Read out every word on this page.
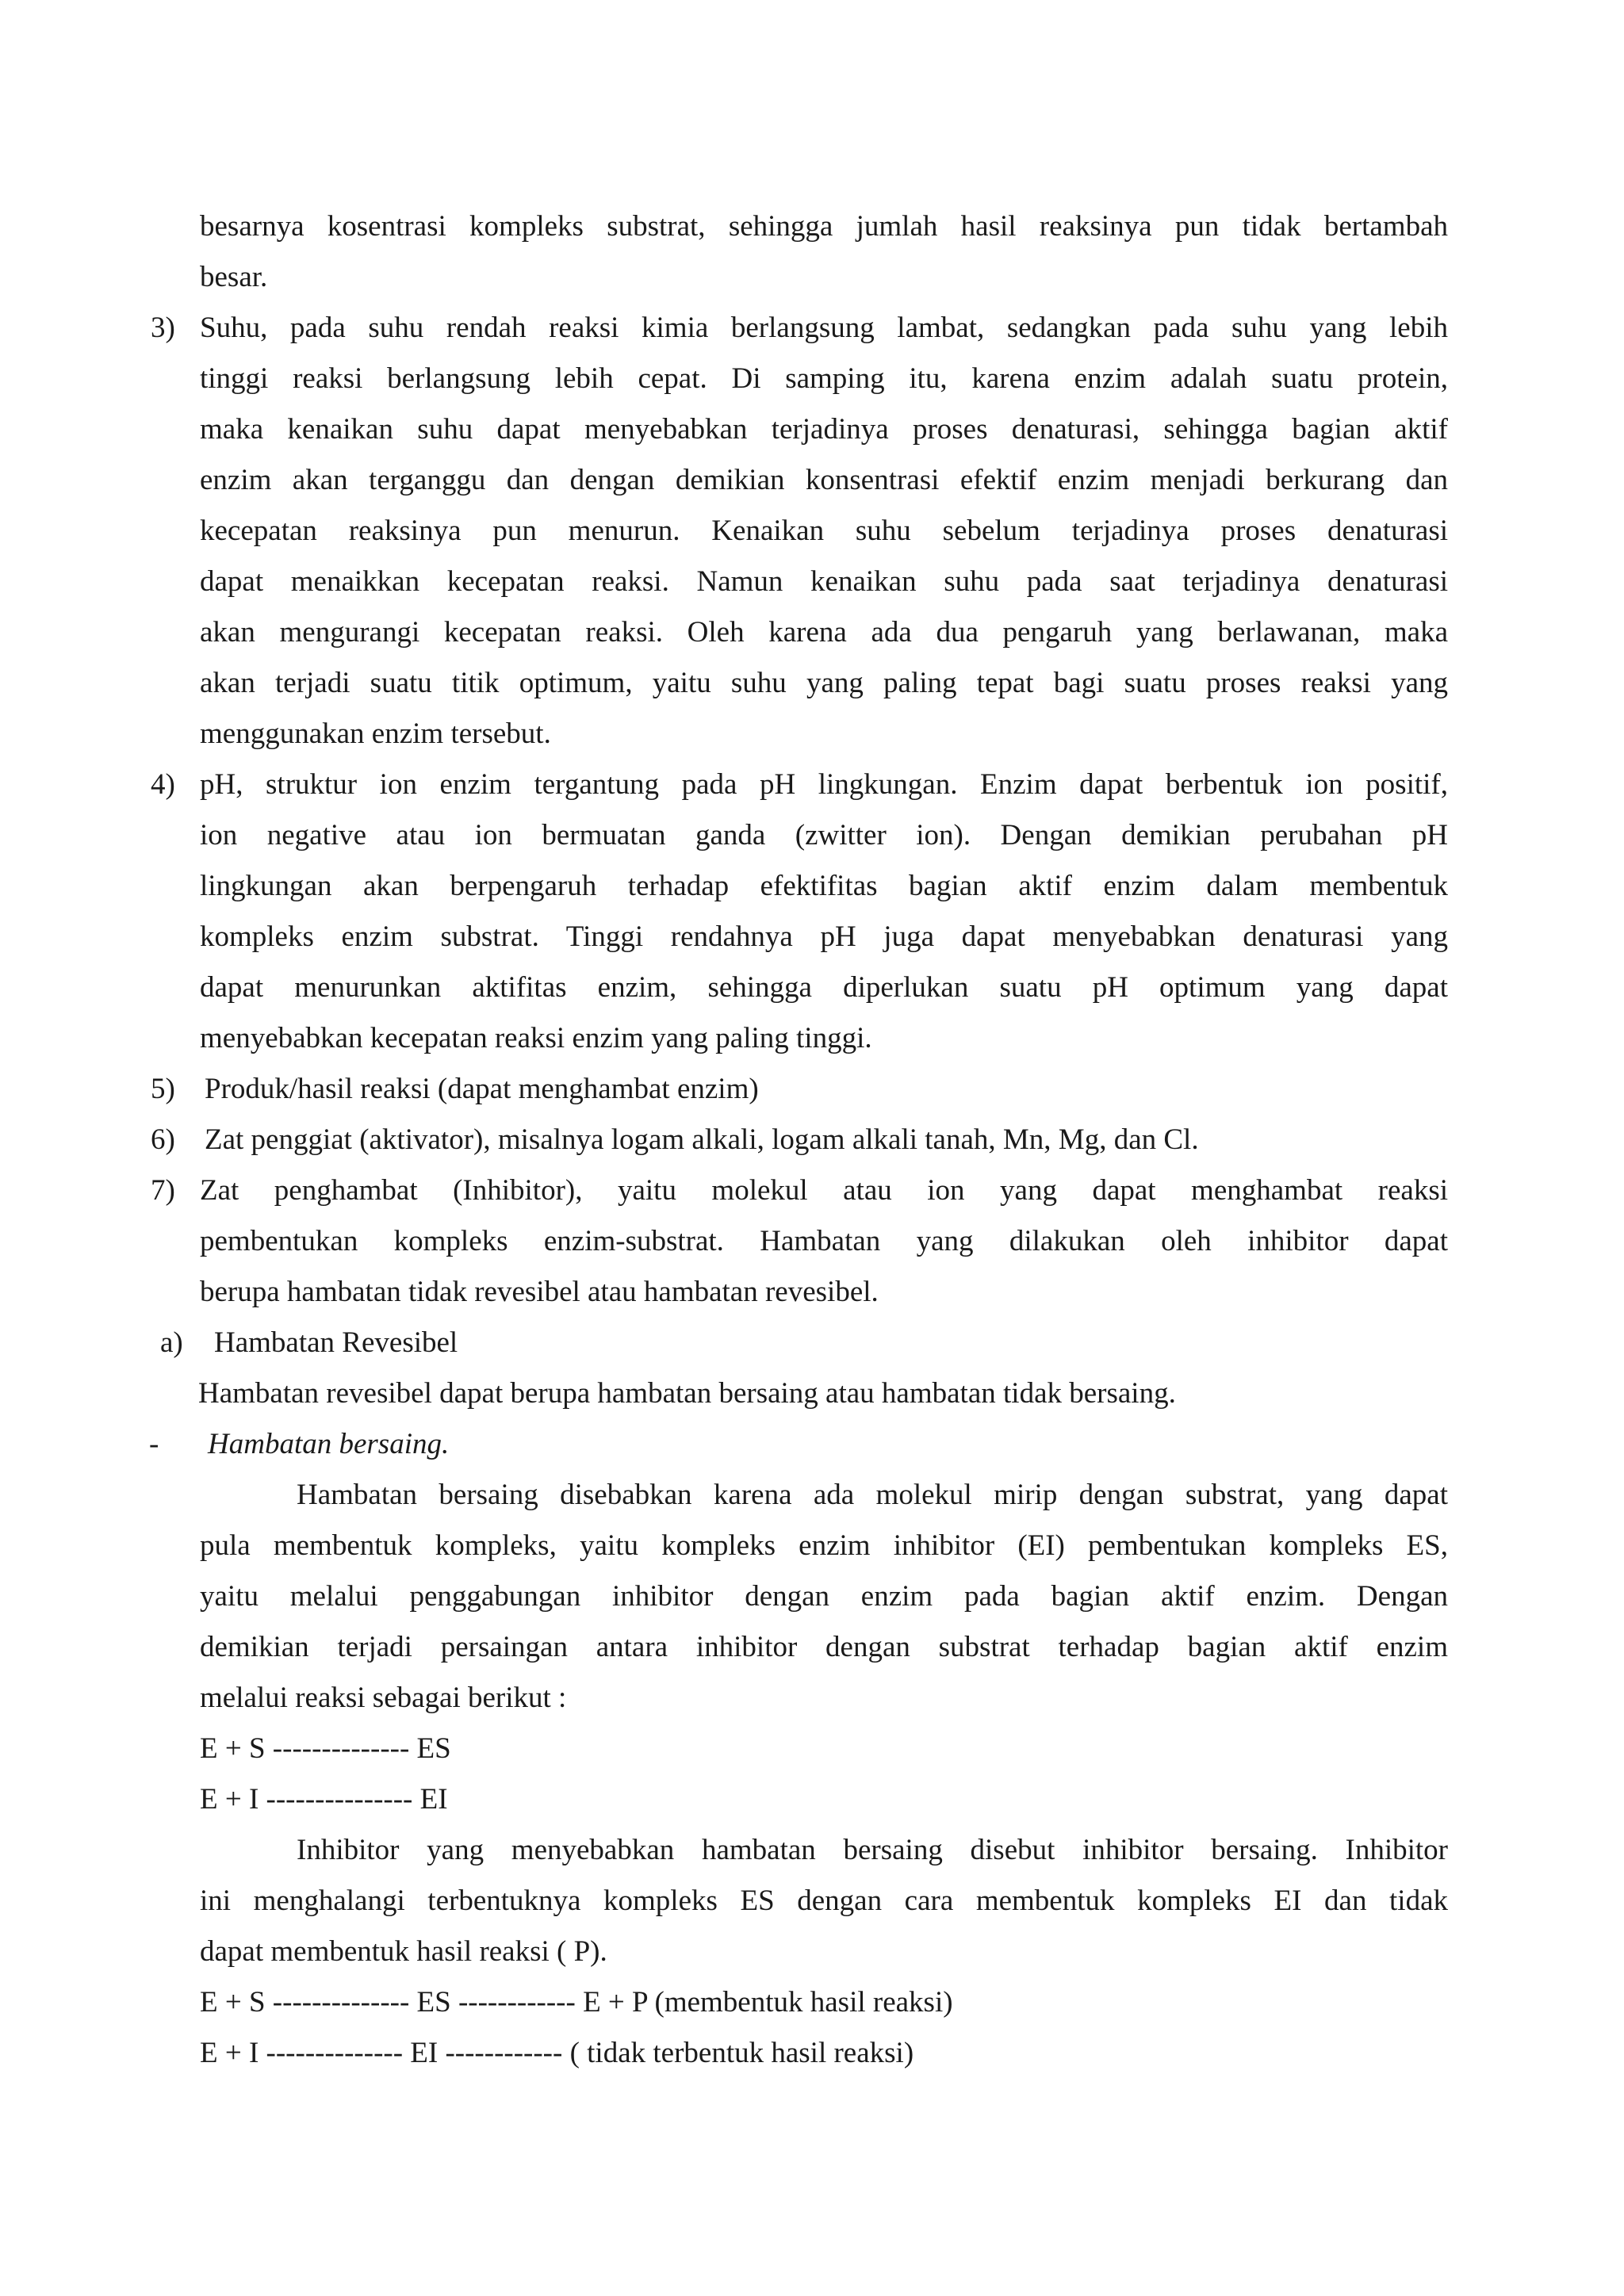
besarnya kosentrasi kompleks substrat, sehingga jumlah hasil reaksinya pun tidak bertambah
besar.
3) Suhu, pada suhu rendah reaksi kimia berlangsung lambat, sedangkan pada suhu yang lebih
tinggi reaksi berlangsung lebih cepat. Di samping itu, karena enzim adalah suatu protein,
maka kenaikan suhu dapat menyebabkan terjadinya proses denaturasi, sehingga bagian aktif
enzim akan terganggu dan dengan demikian konsentrasi efektif enzim menjadi berkurang dan
kecepatan reaksinya pun menurun. Kenaikan suhu sebelum terjadinya proses denaturasi
dapat menaikkan kecepatan reaksi. Namun kenaikan suhu pada saat terjadinya denaturasi
akan mengurangi kecepatan reaksi. Oleh karena ada dua pengaruh yang berlawanan, maka
akan terjadi suatu titik optimum, yaitu suhu yang paling tepat bagi suatu proses reaksi yang
menggunakan enzim tersebut.
4) pH, struktur ion enzim tergantung pada pH lingkungan. Enzim dapat berbentuk ion positif,
ion negative atau ion bermuatan ganda (zwitter ion). Dengan demikian perubahan pH
lingkungan akan berpengaruh terhadap efektifitas bagian aktif enzim dalam membentuk
kompleks enzim substrat. Tinggi rendahnya pH juga dapat menyebabkan denaturasi yang
dapat menurunkan aktifitas enzim, sehingga diperlukan suatu pH optimum yang dapat
menyebabkan kecepatan reaksi enzim yang paling tinggi.
5) Produk/hasil reaksi (dapat menghambat enzim)
6) Zat penggiat (aktivator), misalnya logam alkali, logam alkali tanah, Mn, Mg, dan Cl.
7) Zat penghambat (Inhibitor), yaitu molekul atau ion yang dapat menghambat reaksi
pembentukan kompleks enzim-substrat. Hambatan yang dilakukan oleh inhibitor dapat
berupa hambatan tidak revesibel atau hambatan revesibel.
a) Hambatan Revesibel
Hambatan revesibel dapat berupa hambatan bersaing atau hambatan tidak bersaing.
- Hambatan bersaing.
Hambatan bersaing disebabkan karena ada molekul mirip dengan substrat, yang dapat
pula membentuk kompleks, yaitu kompleks enzim inhibitor (EI) pembentukan kompleks ES,
yaitu melalui penggabungan inhibitor dengan enzim pada bagian aktif enzim. Dengan
demikian terjadi persaingan antara inhibitor dengan substrat terhadap bagian aktif enzim
melalui reaksi sebagai berikut :
E + S -------------- ES
E + I --------------- EI
Inhibitor yang menyebabkan hambatan bersaing disebut inhibitor bersaing. Inhibitor
ini menghalangi terbentuknya kompleks ES dengan cara membentuk kompleks EI dan tidak
dapat membentuk hasil reaksi ( P).
E + S -------------- ES ------------ E + P (membentuk hasil reaksi)
E + I -------------- EI ------------ ( tidak terbentuk hasil reaksi)
